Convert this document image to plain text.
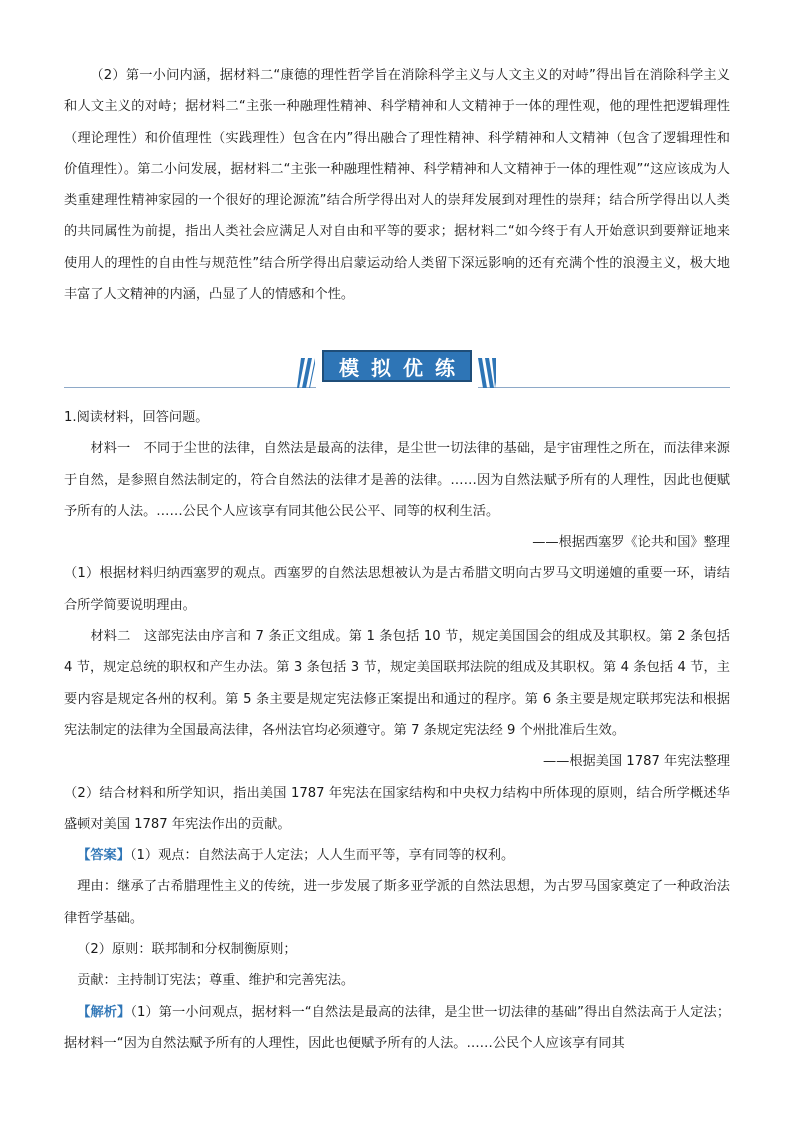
（2）第一小问内涵，据材料二“康德的理性哲学旨在消除科学主义与人文主义的对峙”得出旨在消除科学主义和人文主义的对峙；据材料二“主张一种融理性精神、科学精神和人文精神于一体的理性观，他的理性把逻辑理性（理论理性）和价值理性（实践理性）包含在内”得出融合了理性精神、科学精神和人文精神（包含了逻辑理性和价值理性）。第二小问发展，据材料二“主张一种融理性精神、科学精神和人文精神于一体的理性观”“这应该成为人类重建理性精神家园的一个很好的理论源流”结合所学得出对人的崇拜发展到对理性的崇拜；结合所学得出以人类的共同属性为前提，指出人类社会应满足人对自由和平等的要求；据材料二“如今终于有人开始意识到要辩证地来使用人的理性的自由性与规范性”结合所学得出启蒙运动给人类留下深远影响的还有充满个性的浪漫主义，极大地丰富了人文精神的内涵，凸显了人的情感和个性。

模拟优练

1.阅读材料，回答问题。

材料一　不同于尘世的法律，自然法是最高的法律，是尘世一切法律的基础，是宇宙理性之所在，而法律来源于自然，是参照自然法制定的，符合自然法的法律才是善的法律。……因为自然法赋予所有的人理性，因此也便赋予所有的人法。……公民个人应该享有同其他公民公平、同等的权利生活。

——根据西塞罗《论共和国》整理

（1）根据材料归纳西塞罗的观点。西塞罗的自然法思想被认为是古希腊文明向古罗马文明递嬗的重要一环，请结合所学简要说明理由。

材料二　这部宪法由序言和 7 条正文组成。第 1 条包括 10 节，规定美国国会的组成及其职权。第 2 条包括 4 节，规定总统的职权和产生办法。第 3 条包括 3 节，规定美国联邦法院的组成及其职权。第 4 条包括 4 节，主要内容是规定各州的权利。第 5 条主要是规定宪法修正案提出和通过的程序。第 6 条主要是规定联邦宪法和根据宪法制定的法律为全国最高法律，各州法官均必须遵守。第 7 条规定宪法经 9 个州批准后生效。

——根据美国 1787 年宪法整理

（2）结合材料和所学知识，指出美国 1787 年宪法在国家结构和中央权力结构中所体现的原则，结合所学概述华盛顿对美国 1787 年宪法作出的贡献。

【答案】（1）观点：自然法高于人定法；人人生而平等，享有同等的权利。

理由：继承了古希腊理性主义的传统，进一步发展了斯多亚学派的自然法思想，为古罗马国家奠定了一种政治法律哲学基础。

（2）原则：联邦制和分权制衡原则；

贡献：主持制订宪法；尊重、维护和完善宪法。

【解析】（1）第一小问观点，据材料一“自然法是最高的法律，是尘世一切法律的基础”得出自然法高于人定法；据材料一“因为自然法赋予所有的人理性，因此也便赋予所有的人法。……公民个人应该享有同其
